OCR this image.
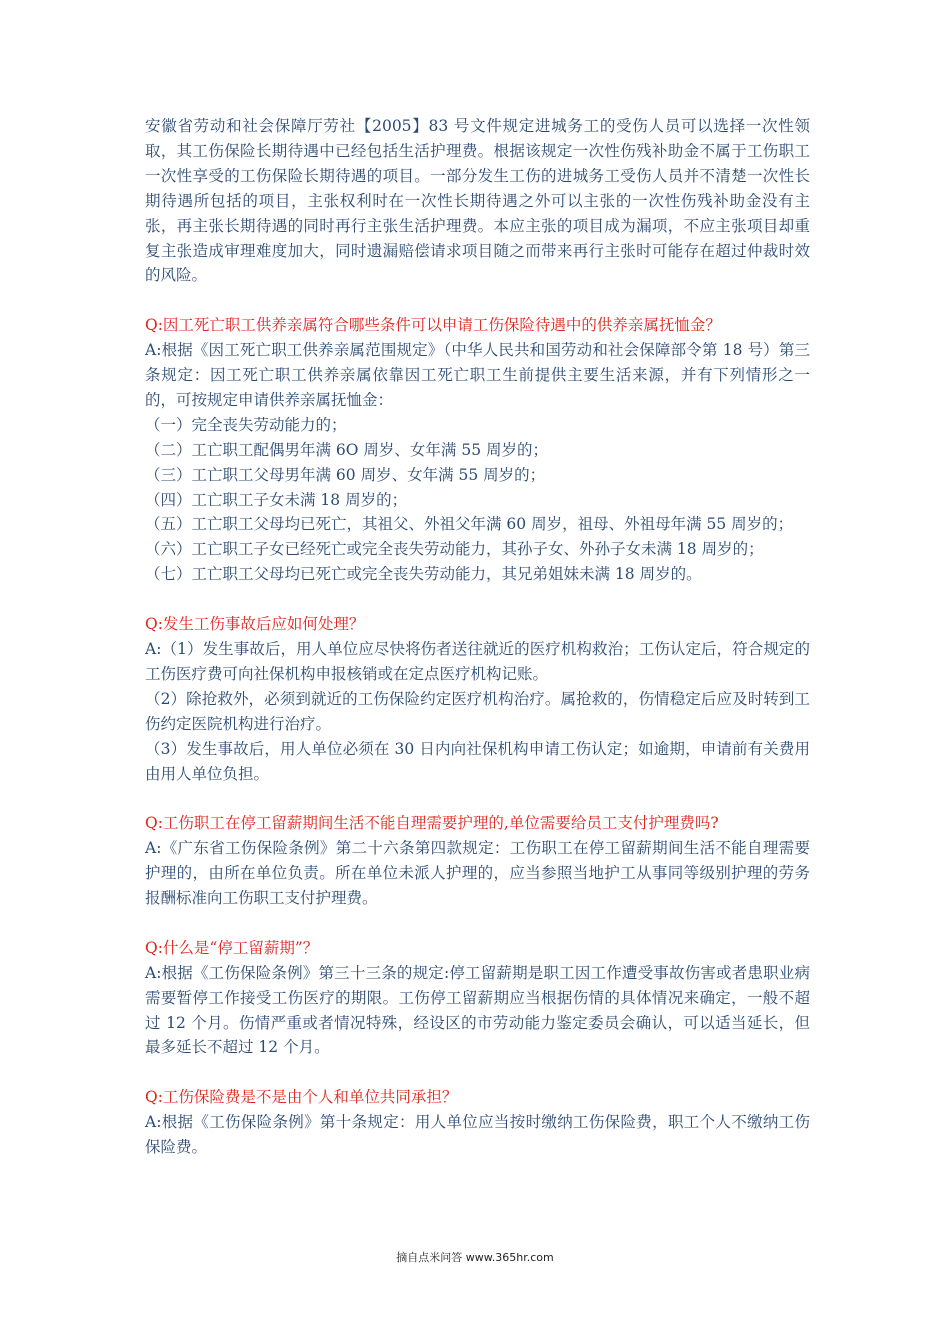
安徽省劳动和社会保障厅劳社【2005】83 号文件规定进城务工的受伤人员可以选择一次性领取，其工伤保险长期待遇中已经包括生活护理费。根据该规定一次性伤残补助金不属于工伤职工一次性享受的工伤保险长期待遇的项目。一部分发生工伤的进城务工受伤人员并不清楚一次性长期待遇所包括的项目，主张权利时在一次性长期待遇之外可以主张的一次性伤残补助金没有主张，再主张长期待遇的同时再行主张生活护理费。本应主张的项目成为漏项，不应主张项目却重复主张造成审理难度加大，同时遗漏赔偿请求项目随之而带来再行主张时可能存在超过仲裁时效的风险。

Q:因工死亡职工供养亲属符合哪些条件可以申请工伤保险待遇中的供养亲属抚恤金？

A:根据《因工死亡职工供养亲属范围规定》（中华人民共和国劳动和社会保障部令第 18 号）第三条规定：因工死亡职工供养亲属依靠因工死亡职工生前提供主要生活来源，并有下列情形之一的，可按规定申请供养亲属抚恤金：

（一）完全丧失劳动能力的；

（二）工亡职工配偶男年满 6O 周岁、女年满 55 周岁的；

（三）工亡职工父母男年满 60 周岁、女年满 55 周岁的；

（四）工亡职工子女未满 18 周岁的；

（五）工亡职工父母均已死亡，其祖父、外祖父年满 60 周岁，祖母、外祖母年满 55 周岁的；

（六）工亡职工子女已经死亡或完全丧失劳动能力，其孙子女、外孙子女未满 18 周岁的；

（七）工亡职工父母均已死亡或完全丧失劳动能力，其兄弟姐妹未满 18 周岁的。

Q:发生工伤事故后应如何处理？

A:（1）发生事故后，用人单位应尽快将伤者送往就近的医疗机构救治；工伤认定后，符合规定的工伤医疗费可向社保机构申报核销或在定点医疗机构记账。

（2）除抢救外，必须到就近的工伤保险约定医疗机构治疗。属抢救的，伤情稳定后应及时转到工伤约定医院机构进行治疗。

（3）发生事故后，用人单位必须在 30 日内向社保机构申请工伤认定；如逾期，申请前有关费用由用人单位负担。

Q:工伤职工在停工留薪期间生活不能自理需要护理的,单位需要给员工支付护理费吗?

A:《广东省工伤保险条例》第二十六条第四款规定：工伤职工在停工留薪期间生活不能自理需要护理的，由所在单位负责。所在单位未派人护理的，应当参照当地护工从事同等级别护理的劳务报酬标准向工伤职工支付护理费。

Q:什么是“停工留薪期”？

A:根据《工伤保险条例》第三十三条的规定:停工留薪期是职工因工作遭受事故伤害或者患职业病需要暂停工作接受工伤医疗的期限。工伤停工留薪期应当根据伤情的具体情况来确定，一般不超过 12 个月。伤情严重或者情况特殊，经设区的市劳动能力鉴定委员会确认，可以适当延长，但最多延长不超过 12 个月。

Q:工伤保险费是不是由个人和单位共同承担？

A:根据《工伤保险条例》第十条规定：用人单位应当按时缴纳工伤保险费，职工个人不缴纳工伤保险费。

摘自点米问答 www.365hr.com
